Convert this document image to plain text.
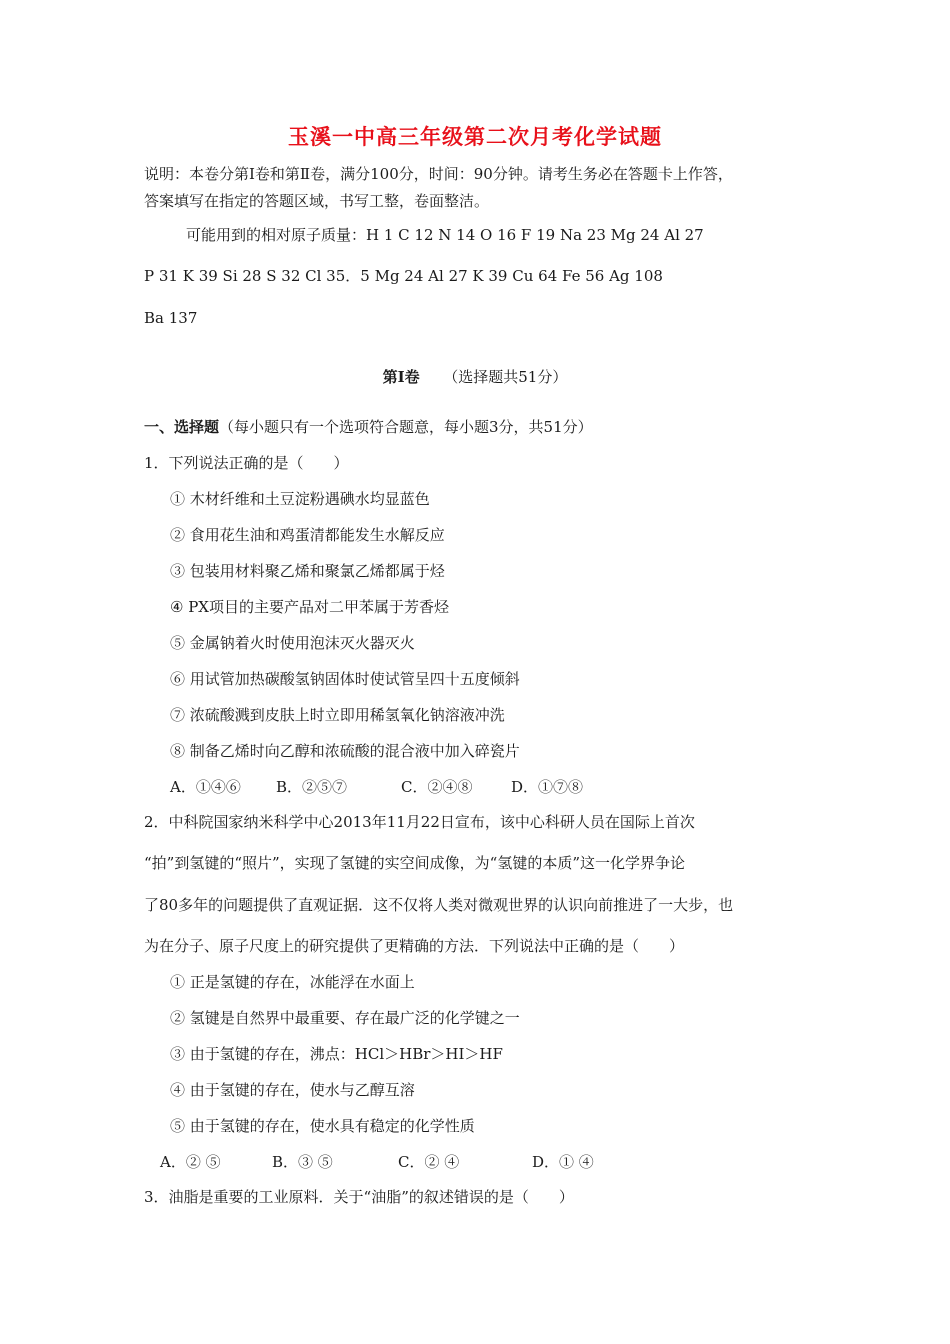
玉溪一中高三年级第二次月考化学试题
说明：本卷分第Ⅰ卷和第Ⅱ卷，满分100分，时间：90分钟。请考生务必在答题卡上作答，
答案填写在指定的答题区域，书写工整，卷面整洁。
可能用到的相对原子质量：H 1 C 12 N 14 O 16 F 19 Na 23 Mg 24 Al 27
P 31 K 39 Si 28 S 32 Cl 35．5 Mg 24 Al 27 K 39 Cu 64 Fe 56 Ag 108
Ba 137
第Ⅰ卷 （选择题共51分）
一、选择题（每小题只有一个选项符合题意，每小题3分，共51分）
1．下列说法正确的是（　　）
① 木材纤维和土豆淀粉遇碘水均显蓝色
② 食用花生油和鸡蛋清都能发生水解反应
③ 包装用材料聚乙烯和聚氯乙烯都属于烃
④ PX项目的主要产品对二甲苯属于芳香烃
⑤ 金属钠着火时使用泡沫灭火器灭火
⑥ 用试管加热碳酸氢钠固体时使试管呈四十五度倾斜
⑦ 浓硫酸溅到皮肤上时立即用稀氢氧化钠溶液冲洗
⑧ 制备乙烯时向乙醇和浓硫酸的混合液中加入碎瓷片
A．①④⑥ B．②⑤⑦	C．②④⑧	D．①⑦⑧
2．中科院国家纳米科学中心2013年11月22日宣布，该中心科研人员在国际上首次
“拍”到氢键的“照片”，实现了氢键的实空间成像，为“氢键的本质”这一化学界争论
了80多年的问题提供了直观证据．这不仅将人类对微观世界的认识向前推进了一大步，也
为在分子、原子尺度上的研究提供了更精确的方法．下列说法中正确的是（　　）
① 正是氢键的存在，冰能浮在水面上
② 氢键是自然界中最重要、存在最广泛的化学键之一
③ 由于氢键的存在，沸点：HCl＞HBr＞HI＞HF
④ 由于氢键的存在，使水与乙醇互溶
⑤ 由于氢键的存在，使水具有稳定的化学性质
A．② ⑤	B．③ ⑤	C．② ④	D．① ④
3．油脂是重要的工业原料．关于“油脂”的叙述错误的是（　　）
